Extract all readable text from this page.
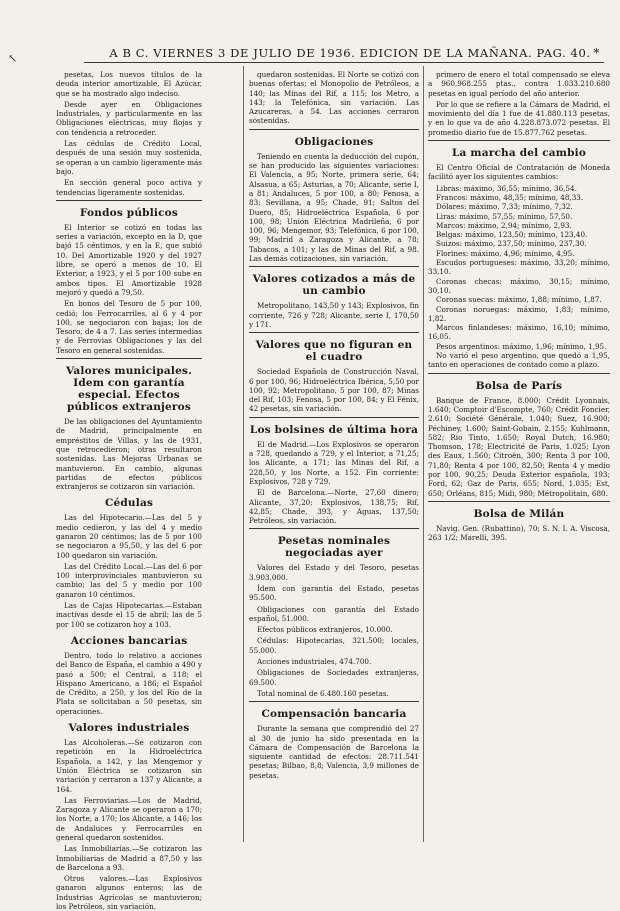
↖	A B C. VIERNES 3 DE JULIO DE 1936. EDICION DE LA MAÑANA. PAG. 40. *

pesetas, Los nuevos títulos de la deuda interior amortizable, El Azúcar, que se ha mostrado algo indeciso.

Desde ayer en Obligaciones Industriales, y particularmente en las Obligaciones eléctricas, muy flojas y con tendencia a retroceder.

Las cédulas de Crédito Local, después de una sesión muy sostenida, se operan a un cambio ligeramente más bajo.

En sección general poco activa y tendencias ligeramente sostenidas.

Fondos públicos

El Interior se cotizó en todas las series a variación, excepto en la D, que bajó 15 céntimos, y en la E, que subió 10. Del Amortizable 1920 y del 1927 libre, se operó a menos de 10. El Exterior, a 1923, y el 5 por 100 sube en ambos tipos. El Amortizable 1928 mejoró y quedó a 79,50.

En bonos del Tesoro de 5 por 100, cedió; los Ferrocarriles, al 6 y 4 por 100, se negociaron con bajas; los de Tesoro, de 4 a 7. Las series intermedias y de Ferrovias Obligaciones y las del Tesoro en general sostenidas.

Valores municipales. Idem con garantía especial. Efectos públicos extranjeros

De las obligaciones del Ayuntamiento de Madrid, principalmente en empréstitos de Villas, y las de 1931, que retrocedieron; otras resultaron sostenidas. Las Mejoras Urbanas se mantuvieron. En cambio, algunas partidas de efectos públicos extranjeros se cotizaron sin variación.

Cédulas

Las del Hipotecario.—Las del 5 y medio cedieron, y las del 4 y medio ganaron 20 céntimos; las de 5 por 100 se negociaron a 95,50, y las del 6 por 100 quedaron sin variación.

Las del Crédito Local.—Las del 6 por 100 interprovinciales mantuvieron su cambio; las del 5 y medio por 100 ganaron 10 céntimos.

Las de Cajas Hipotecarias.—Estaban inactivas desde el 15 de abril; las de 5 por 100 se cotizaron hoy a 103.

Acciones bancarias

Dentro, todo lo relativo a acciones del Banco de España, el cambio a 490 y pasó a 500; el Central, a 118; el Hispano Americano, a 186; el Español de Crédito, a 250, y los del Río de la Plata se solicitaban a 50 pesetas, sin operaciones.

Valores industriales

Las Alcoholeras.—Se cotizaron con repetición en la Hidroeléctrica Española, a 142, y las Mengemor y Unión Eléctrica se cotizaron sin variación y cerraron a 137 y Alicante, a 164.

Las Ferroviarias.—Los de Madrid, Zaragoza y Alicante se operaron a 170; los Norte, a 170; los Alicante, a 146; los de Andaluces y Ferrocarriles en general quedaron sostenidos.

Las Inmobiliarias.—Se cotizaron las Inmobiliarias de Madrid a 87,50 y las de Barcelona a 93.

Otros valores.—Las Explosivos ganaron algunos enteros; las de Industrias Agrícolas se mantuvieron; los Petróleos, sin variación.

quedaron sostenidas. El Norte se cotizó con buenas ofertas; el Monopolio de Petróleos, a 140; las Minas del Rif, a 115; los Metro, a 143; la Telefónica, sin variación. Las Azucareras, a 54. Las acciones cerraron sostenidas.

Obligaciones

Teniendo en cuenta la deducción del cupón, se han producido las siguientes variaciones: El Valencia, a 95; Norte, primera serie, 64; Alsasua, a 65; Asturias, a 70; Alicante, serie I, a 81; Andaluces, 5 por 100, a 80; Fenosa, a 83; Sevillana, a 95; Chade, 91; Saltos del Duero, 85; Hidroeléctrica Española, 6 por 100, 98; Unión Eléctrica Madrileña, 6 por 100, 96; Mengemor, 93; Telefónica, 6 por 100, 99; Madrid a Zaragoza y Alicante, a 78; Tabacos, a 101; y las de Minas del Rif, a 98. Las demás cotizaciones, sin variación.

Valores cotizados a más de un cambio

Metropolitano, 143,50 y 143; Explosivos, fin corriente, 726 y 728; Alicante, serie I, 170,50 y 171.

Valores que no figuran en el cuadro

Sociedad Española de Construcción Naval, 6 por 100, 96; Hidroeléctrica Ibérica, 5,50 por 100, 92; Metropolitano, 5 por 100, 87; Minas del Rif, 103; Fenosa, 5 por 100, 84; y El Fénix, 42 pesetas, sin variación.

Los bolsines de última hora

El de Madrid.—Los Explosivos se operaron a 728, quedando a 729, y el Interior, a 71,25; los Alicante, a 171; las Minas del Rif, a 228,50, y los Norte, a 152. Fin corriente: Explosivos, 728 y 729.

El de Barcelona.—Norte, 27,60 dinero; Alicante, 37,20; Explosivos, 138,75; Rif, 42,85; Chade, 393, y Aguas, 137,50; Petróleos, sin variación.

Pesetas nominales negociadas ayer

Valores del Estado y del Tesoro, pesetas 3.903.000.

Ídem con garantía del Estado, pesetas 95.500.

Obligaciones con garantía del Estado español, 51.000.

Efectos públicos extranjeros, 10.000.

Cédulas: Hipotecarias, 321.500; locales, 55.000.

Acciones industriales, 474.700.

Obligaciones de Sociedades extranjeras, 69.500.

Total nominal de 6.480.160 pesetas.

Compensación bancaria

Durante la semana que comprendió del 27 al 30 de junio ha sido presentada en la Cámara de Compensación de Barcelona la siguiente cantidad de efectos: 28.711.541 pesetas; Bilbao, 8,8; Valencia, 3,9 millones de pesetas.

primero de enero el total compensado se eleva a 960.968.255 ptas., contra 1.033.210.680 pesetas en igual período del año anterior.

Por lo que se refiere a la Cámara de Madrid, el movimiento del día 1 fue de 41.880.113 pesetas, y en lo que va de año 4.228.873.072 pesetas. El promedio diario fue de 15.877.762 pesetas.

La marcha del cambio

El Centro Oficial de Contratación de Moneda facilitó ayer los siguientes cambios:

Libras: máximo, 36,55; mínimo, 36,54.

Francos: máximo, 48,35; mínimo, 48,33.

Dólares: máximo, 7,33; mínimo, 7,32.

Liras: máximo, 57,55; mínimo, 57,50.

Marcos: máximo, 2,94; mínimo, 2,93.

Belgas: máximo, 123,50; mínimo, 123,40.

Suizos: máximo, 237,50; mínimo, 237,30.

Florines: máximo, 4,96; mínimo, 4,95.

Escudos portugueses: máximo, 33,20; mínimo, 33,10.

Coronas checas: máximo, 30,15; mínimo, 30,10.

Coronas suecas: máximo, 1,88; mínimo, 1,87.

Coronas noruegas: máximo, 1,83; mínimo, 1,82.

Marcos finlandeses: máximo, 16,10; mínimo, 16,05.

Pesos argentinos: máximo, 1,96; mínimo, 1,95.

No varió el peso argentino, que quedó a 1,95, tanto en operaciones de contado como a plazo.

Bolsa de París

Banque de France, 8.000; Crédit Lyonnais, 1.640; Comptoir d'Escompte, 760; Crédit Foncier, 2.610; Société Générale, 1.040; Suez, 16.900; Péchiney, 1.600; Saint-Gobain, 2.155; Kuhlmann, 582; Rio Tinto, 1.650; Royal Dutch, 16.980; Thomson, 178; Electricité de Paris, 1.025; Lyon des Eaux, 1.560; Citroën, 300; Renta 3 por 100, 71,80; Renta 4 por 100, 82,50; Renta 4 y medio por 100, 90,25; Deuda Exterior española, 193; Ford, 62; Gaz de Paris, 655; Nord, 1.035; Est, 650; Orléans, 815; Midi, 980; Métropolitain, 680.

Bolsa de Milán

Navig. Gen. (Rubattino), 70; S. N. I. A. Viscosa, 263 1/2; Marelli, 395.
